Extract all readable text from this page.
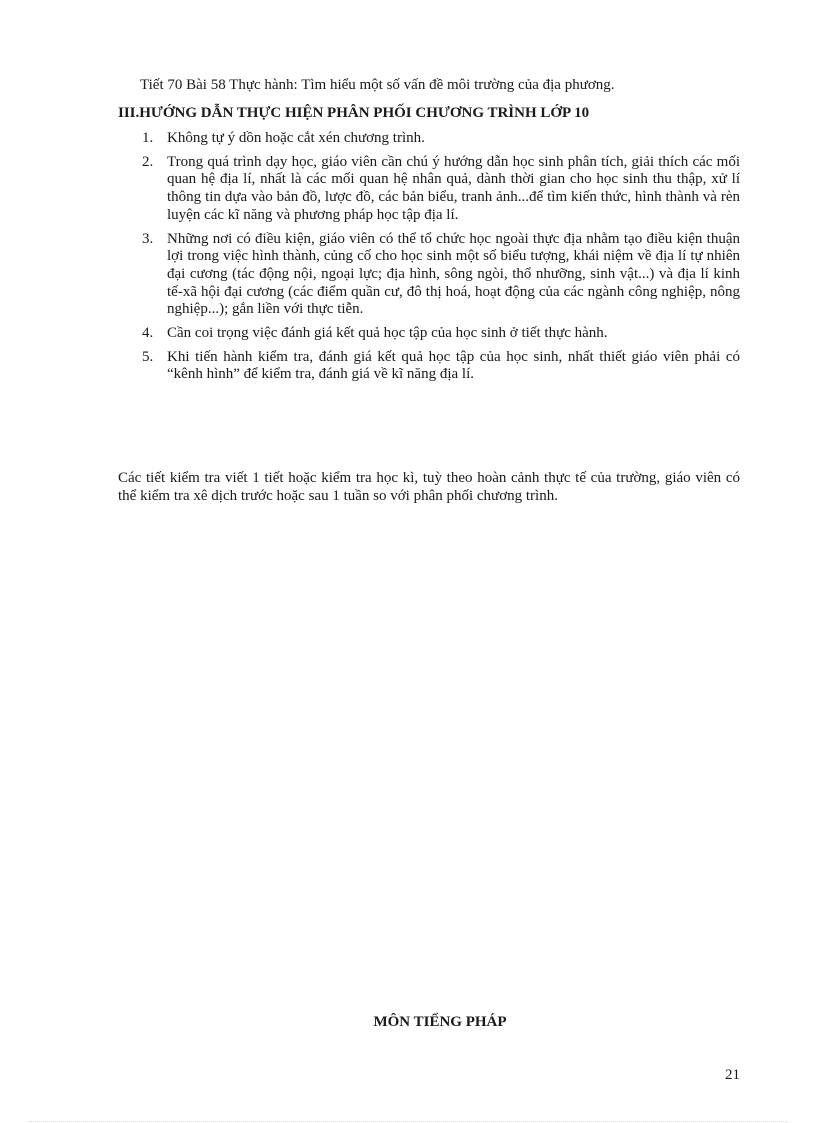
Tiết 70 Bài 58 Thực hành: Tìm hiểu một số vấn đề môi trường của địa phương.
III.HƯỚNG DẪN THỰC HIỆN PHÂN PHỐI CHƯƠNG TRÌNH LỚP 10
1. Không tự ý dồn hoặc cắt xén chương trình.
2. Trong quá trình dạy học, giáo viên cần chú ý hướng dẫn học sinh phân tích, giải thích các mối quan hệ địa lí, nhất là các mối quan hệ nhân quả, dành thời gian cho học sinh thu thập, xử lí thông tin dựa vào bản đồ, lược đồ, các bản biểu, tranh ảnh...để tìm kiến thức, hình thành và rèn luyện các kĩ năng và phương pháp học tập địa lí.
3. Những nơi có điều kiện, giáo viên có thể tổ chức học ngoài thực địa nhằm tạo điều kiện thuận lợi trong việc hình thành, củng cố cho học sinh một số biểu tượng, khái niệm về địa lí tự nhiên đại cương (tác động nội, ngoại lực; địa hình, sông ngòi, thổ nhưỡng, sinh vật...) và địa lí kinh tế-xã hội đại cương (các điểm quần cư, đô thị hoá, hoạt động của các ngành công nghiệp, nông nghiệp...); gắn liền với thực tiễn.
4. Cần coi trọng việc đánh giá kết quả học tập của học sinh ở tiết thực hành.
5. Khi tiến hành kiểm tra, đánh giá kết quả học tập của học sinh, nhất thiết giáo viên phải có “kênh hình” để kiểm tra, đánh giá về kĩ năng địa lí.

Các tiết kiểm tra viết 1 tiết hoặc kiểm tra học kì, tuỳ theo hoàn cảnh thực tế của trường, giáo viên có thể kiểm tra xê dịch trước hoặc sau 1 tuần so với phân phối chương trình.

MÔN TIẾNG PHÁP
21
